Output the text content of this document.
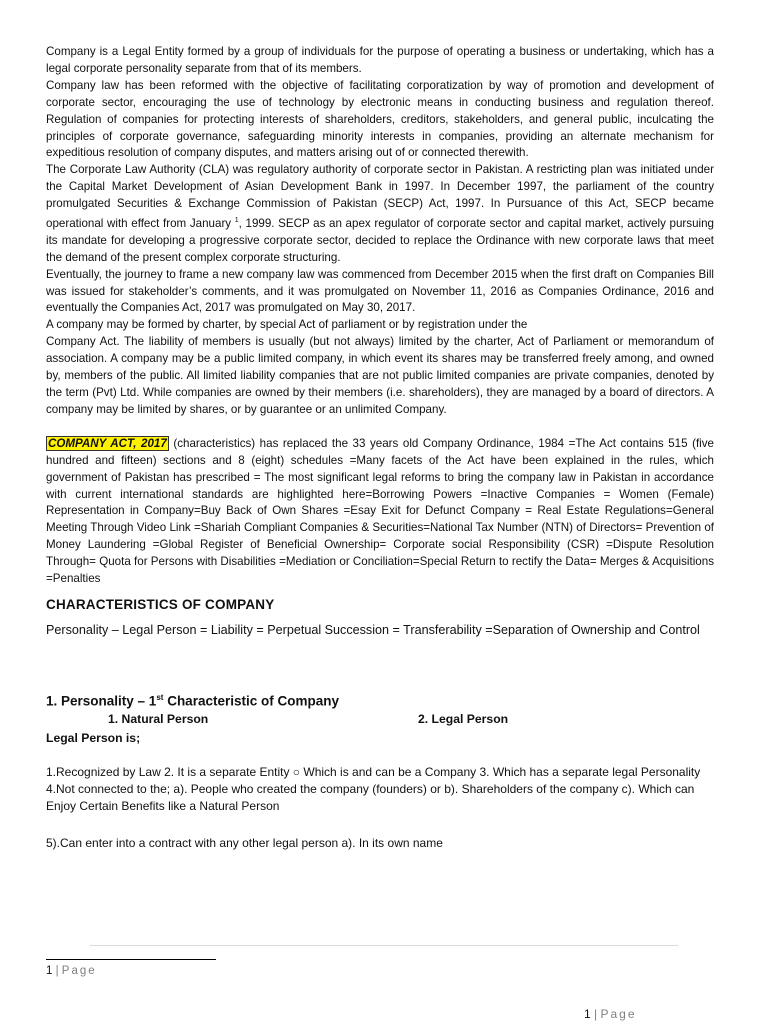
Company is a Legal Entity formed by a group of individuals for the purpose of operating a business or undertaking, which has a legal corporate personality separate from that of its members.

Company law has been reformed with the objective of facilitating corporatization by way of promotion and development of corporate sector, encouraging the use of technology by electronic means in conducting business and regulation thereof. Regulation of companies for protecting interests of shareholders, creditors, stakeholders, and general public, inculcating the principles of corporate governance, safeguarding minority interests in companies, providing an alternate mechanism for expeditious resolution of company disputes, and matters arising out of or connected therewith.

The Corporate Law Authority (CLA) was regulatory authority of corporate sector in Pakistan. A restricting plan was initiated under the Capital Market Development of Asian Development Bank in 1997. In December 1997, the parliament of the country promulgated Securities & Exchange Commission of Pakistan (SECP) Act, 1997. In Pursuance of this Act, SECP became operational with effect from January $^1$, 1999. SECP as an apex regulator of corporate sector and capital market, actively pursuing its mandate for developing a progressive corporate sector, decided to replace the Ordinance with new corporate laws that meet the demand of the present complex corporate structuring.

Eventually, the journey to frame a new company law was commenced from December 2015 when the first draft on Companies Bill was issued for stakeholder’s comments, and it was promulgated on November 11, 2016 as Companies Ordinance, 2016 and eventually the Companies Act, 2017 was promulgated on May 30, 2017.

A company may be formed by charter, by special Act of parliament or by registration under the

Company Act. The liability of members is usually (but not always) limited by the charter, Act of Parliament or memorandum of association. A company may be a public limited company, in which event its shares may be transferred freely among, and owned by, members of the public. All limited liability companies that are not public limited companies are private companies, denoted by the term (Pvt) Ltd. While companies are owned by their members (i.e. shareholders), they are managed by a board of directors. A company may be limited by shares, or by guarantee or an unlimited Company.

COMPANY ACT, 2017 (characteristics) has replaced the 33 years old Company Ordinance, 1984 =The Act contains 515 (five hundred and fifteen) sections and 8 (eight) schedules =Many facets of the Act have been explained in the rules, which government of Pakistan has prescribed = The most significant legal reforms to bring the company law in Pakistan in accordance with current international standards are highlighted here=Borrowing Powers =Inactive Companies = Women (Female) Representation in Company=Buy Back of Own Shares =Esay Exit for Defunct Company = Real Estate Regulations=General Meeting Through Video Link =Shariah Compliant Companies & Securities=National Tax Number (NTN) of Directors= Prevention of Money Laundering =Global Register of Beneficial Ownership= Corporate social Responsibility (CSR) =Dispute Resolution Through= Quota for Persons with Disabilities =Mediation or Conciliation=Special Return to rectify the Data= Merges & Acquisitions =Penalties

CHARACTERISTICS OF COMPANY

Personality – Legal Person = Liability = Perpetual Succession = Transferability =Separation of Ownership and Control

1. Personality – 1st Characteristic of Company
1. Natural Person	2. Legal Person

Legal Person is;

1.Recognized by Law 2. It is a separate Entity ○ Which is and can be a Company 3. Which has a separate legal Personality 4.Not connected to the; a). People who created the company (founders) or b). Shareholders of the company c). Which can Enjoy Certain Benefits like a Natural Person

5).Can enter into a contract with any other legal person a). In its own name

1 | Page
1 | Page
